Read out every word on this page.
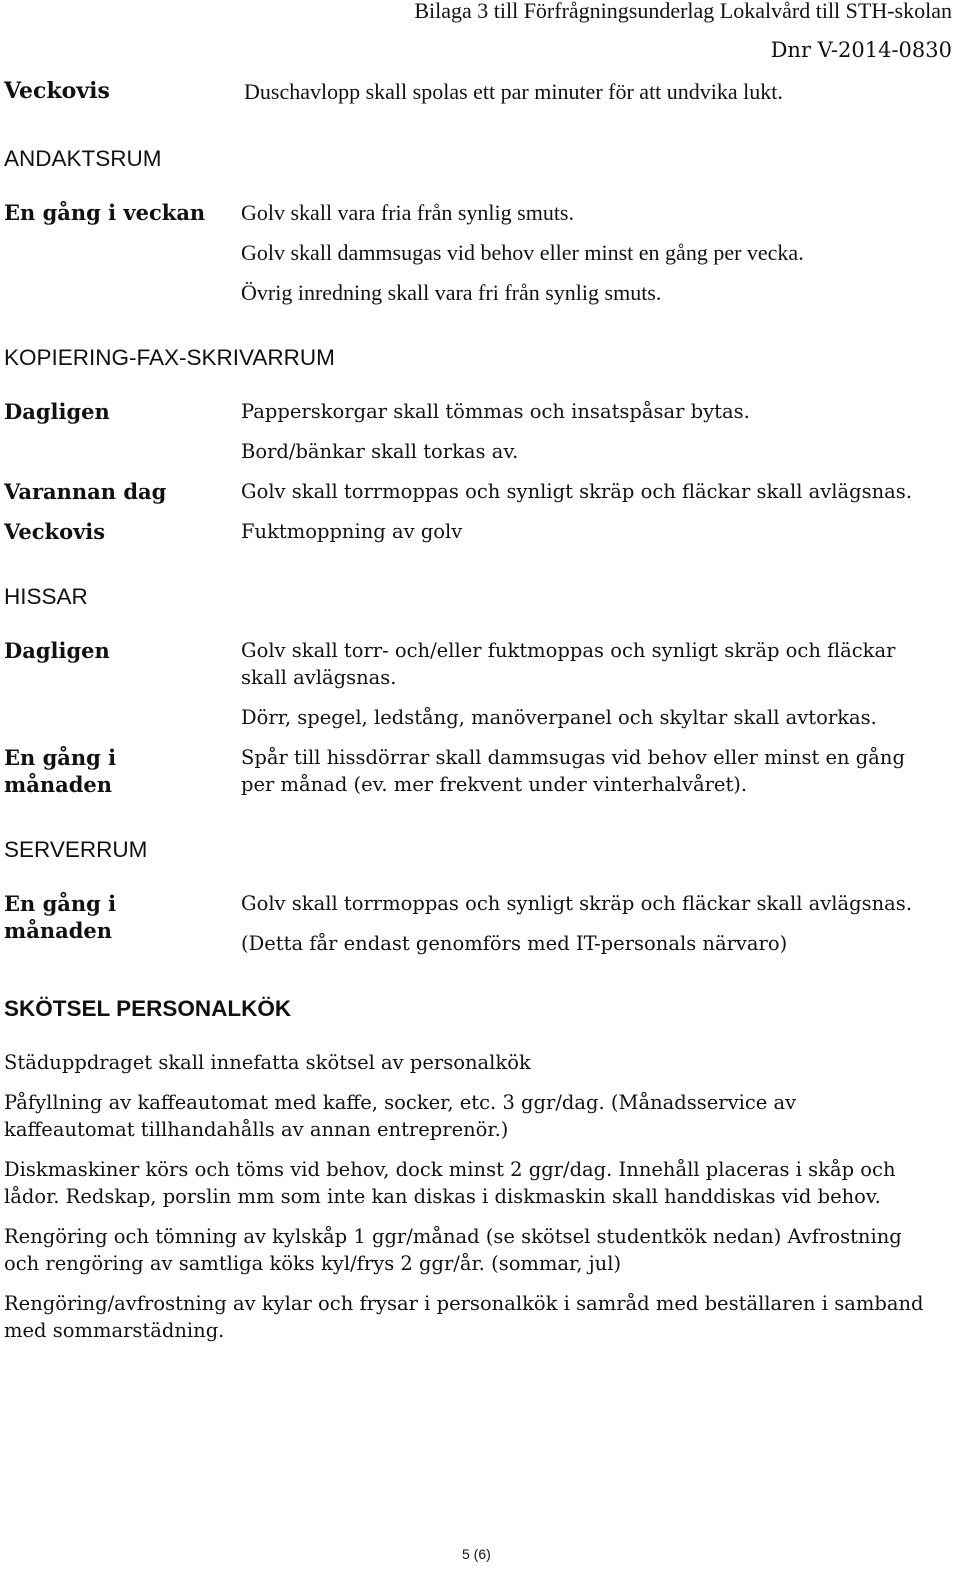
Bilaga 3 till Förfrågningsunderlag Lokalvård till STH-skolan
Dnr V-2014-0830
Veckovis	Duschavlopp skall spolas ett par minuter för att undvika lukt.
ANDAKTSRUM
En gång i veckan Golv skall vara fria från synlig smuts.
Golv skall dammsugas vid behov eller minst en gång per vecka.
Övrig inredning skall vara fri från synlig smuts.
KOPIERING-FAX-SKRIVARRUM
Dagligen
Varannan dag
Veckovis
Papperskorgar skall tömmas och insatspåsar bytas.
Bord/bänkar skall torkas av.
Golv skall torrmoppas och synligt skräp och fläckar skall avlägsnas.
Fuktmoppning av golv
HISSAR
Dagligen
En gång i
månaden
Golv skall torr- och/eller fuktmoppas och synligt skräp och fläckar
skall avlägsnas.
Dörr, spegel, ledstång, manöverpanel och skyltar skall avtorkas.
Spår till hissdörrar skall dammsugas vid behov eller minst en gång
per månad (ev. mer frekvent under vinterhalvåret).
SERVERRUM
En gång i
månaden
Golv skall torrmoppas och synligt skräp och fläckar skall avlägsnas.
(Detta får endast genomförs med IT-personals närvaro)
SKÖTSEL PERSONALKÖK
Städuppdraget skall innefatta skötsel av personalkök
Påfyllning av kaffeautomat med kaffe, socker, etc. 3 ggr/dag. (Månadsservice av
kaffeautomat tillhandahålls av annan entreprenör.)
Diskmaskiner körs och töms vid behov, dock minst 2 ggr/dag. Innehåll placeras i skåp och
lådor. Redskap, porslin mm som inte kan diskas i diskmaskin skall handdiskas vid behov.
Rengöring och tömning av kylskåp 1 ggr/månad (se skötsel studentkök nedan) Avfrostning
och rengöring av samtliga köks kyl/frys 2 ggr/år. (sommar, jul)
Rengöring/avfrostning av kylar och frysar i personalkök i samråd med beställaren i samband
med sommarstädning.
5 (6)
